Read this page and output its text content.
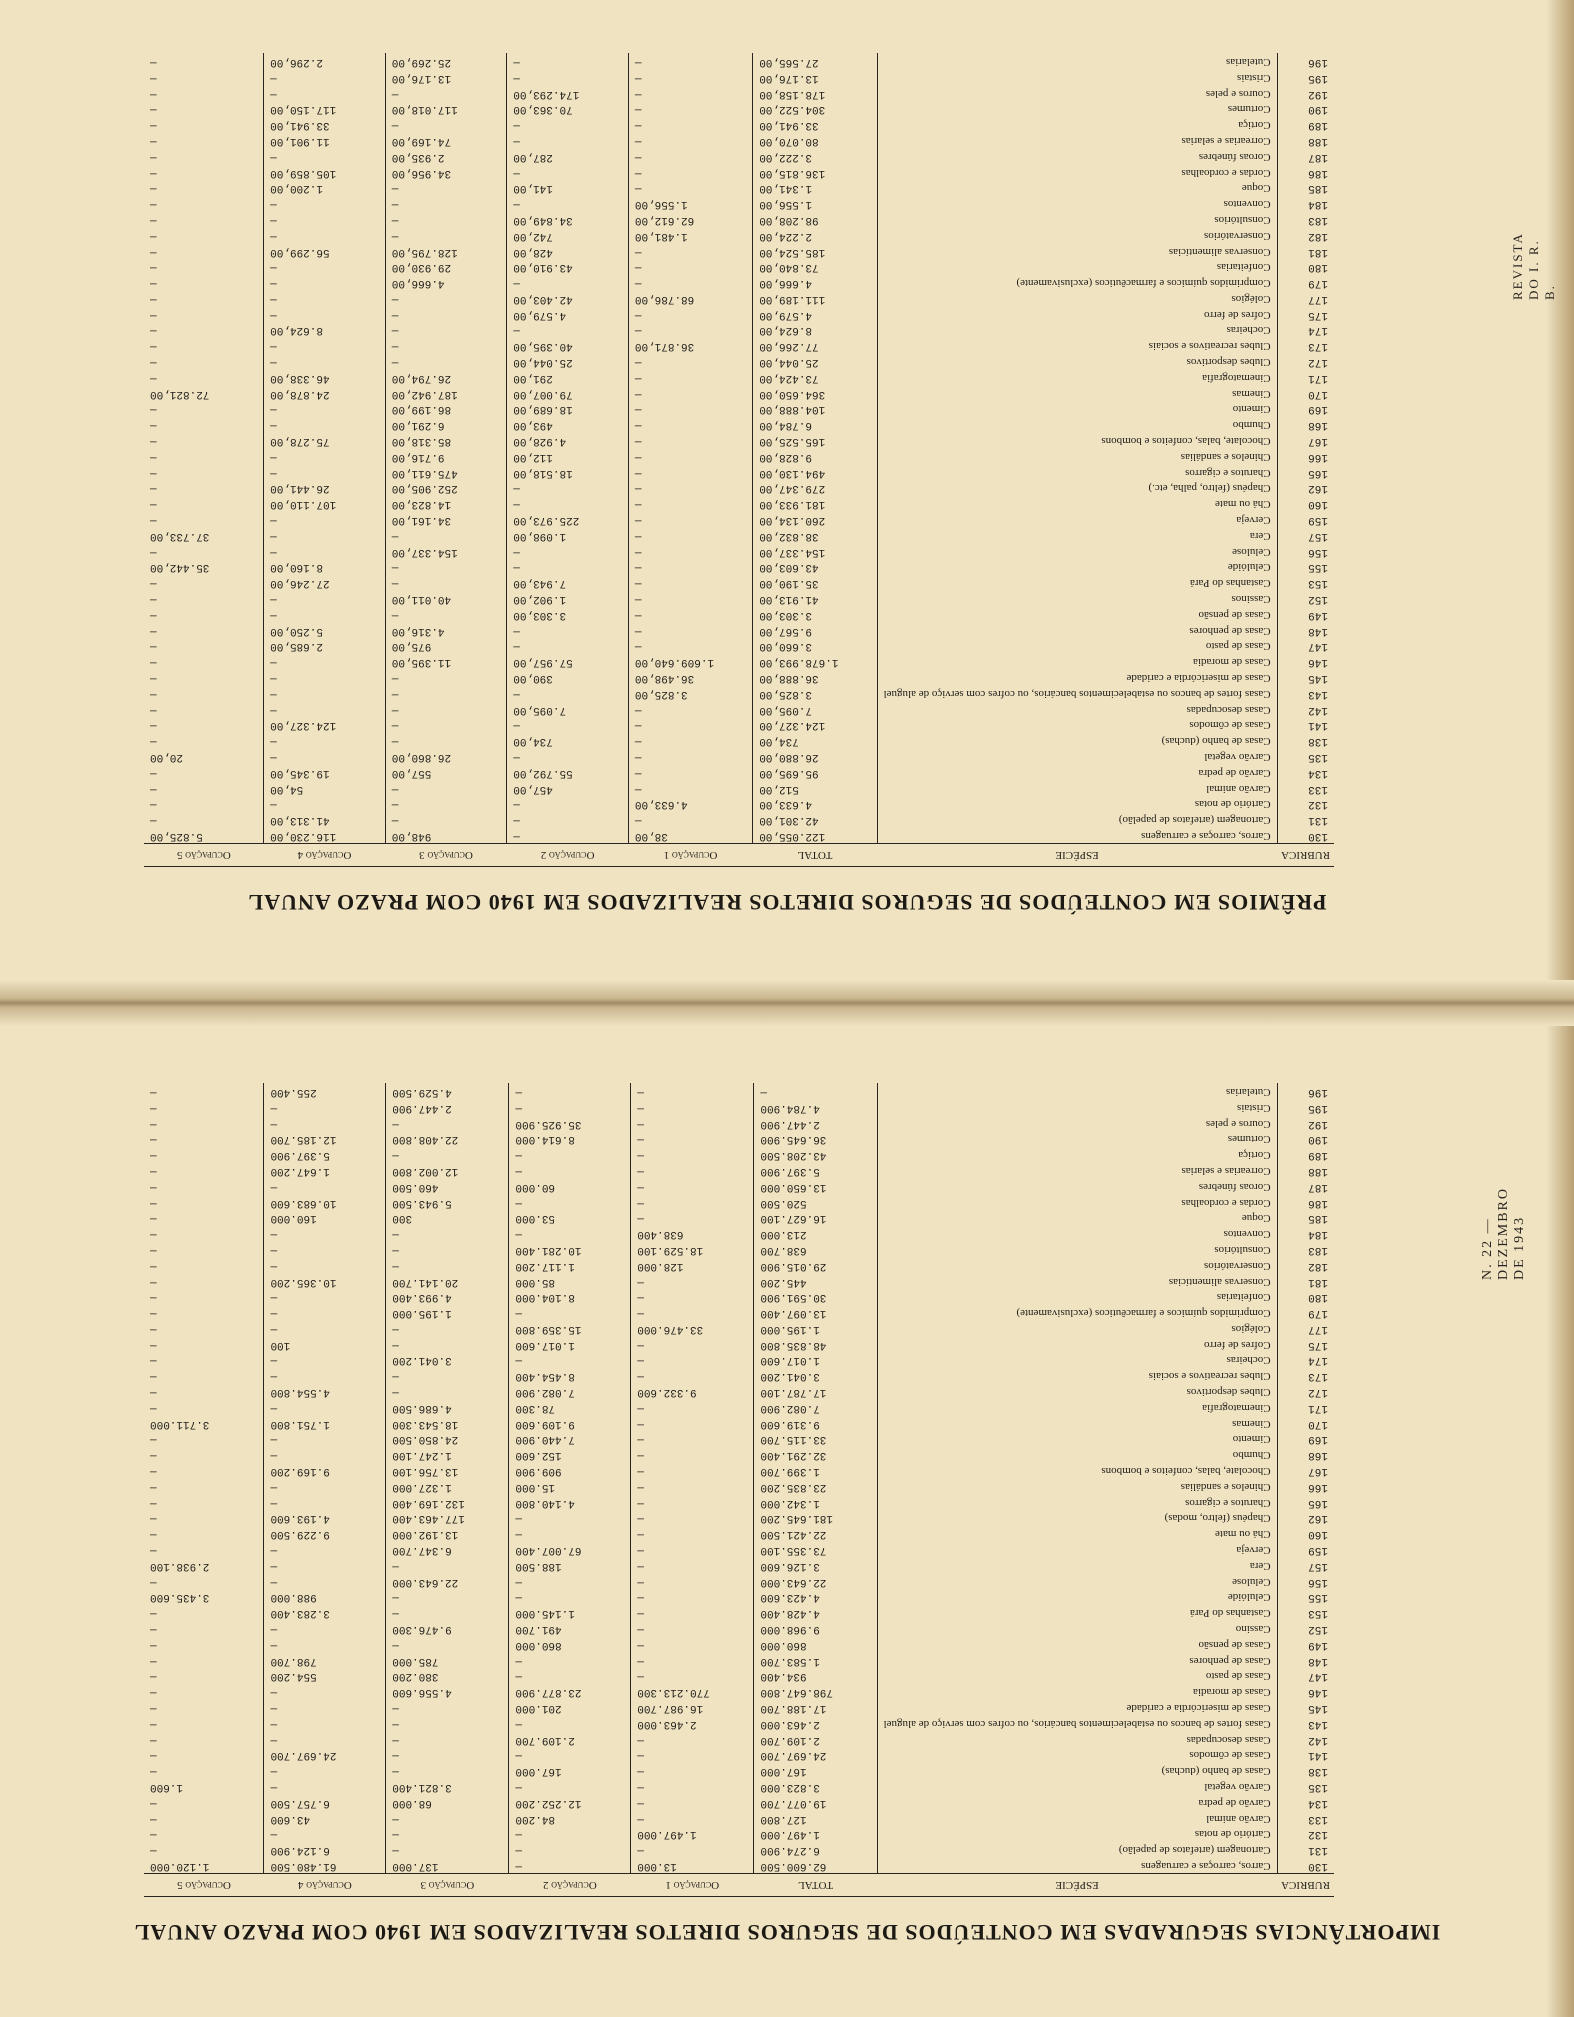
PRÊMIOS EM CONTEÚDOS DE SEGUROS DIRETOS REALIZADOS EM 1940 COM PRAZO ANUAL
RUBRICA	ESPÉCIE	TOTAL	Ocupação 1	Ocupação 2	Ocupação 3	Ocupação 4	Ocupação 5
130	Carros, carroças e carruagens	122.055,00	38,00	—	948,00	116.230,00	5.825,00
131	Cartonagem (artefatos de papelão)	42.301,00	—	—	—	41.313,00	—
132	Cartório de notas	4.633,00	4.633,00	—	—	—	—
133	Carvão animal	512,00	—	457,00	—	54,00	—
134	Carvão de pedra	95.695,00	—	55.792,00	557,00	19.345,00	—
135	Carvão vegetal	26.880,00	—	—	26.860,00	—	20,00
138	Casas de banho (duchas)	734,00	—	734,00	—	—	—
141	Casas de cômodos	124.327,00	—	—	—	124.327,00	—
142	Casas desocupadas	7.095,00	—	7.095,00	—	—	—
143	Casas fortes de bancos ou estabelecimentos bancários, ou cofres com serviço de aluguel	3.825,00	3.825,00	—	—	—	—
145	Casas de misericórdia e caridade	36.888,00	36.498,00	390,00	—	—	—
146	Casas de moradia	1.678.993,00	1.609.640,00	57.957,00	11.395,00	—	—
147	Casas de pasto	3.660,00	—	—	975,00	2.685,00	—
148	Casas de penhores	9.567,00	—	—	4.316,00	5.250,00	—
149	Casas de pensão	3.303,00	—	3.303,00	—	—	—
152	Cassinos	41.913,00	—	1.902,00	40.011,00	—	—
153	Castanhas do Pará	35.190,00	—	7.943,00	—	27.246,00	—
155	Celulóide	43.603,00	—	—	—	8.160,00	35.442,00
156	Celulose	154.337,00	—	—	154.337,00	—	—
157	Cera	38.832,00	—	1.098,00	—	—	37.733,00
159	Cerveja	260.134,00	—	225.973,00	34.161,00	—	—
160	Chá ou mate	181.933,00	—	—	14.823,00	107.110,00	—
162	Chapéus (feltro, palha, etc.)	279.347,00	—	—	252.905,00	26.441,00	—
165	Charutos e cigarros	494.130,00	—	18.518,00	475.611,00	—	—
166	Chinelos e sandálias	9.828,00	—	112,00	9.716,00	—	—
167	Chocolate, balas, confeitos e bombons	165.525,00	—	4.928,00	85.318,00	75.278,00	—
168	Chumbo	6.784,00	—	493,00	6.291,00	—	—
169	Cimento	104.888,00	—	18.689,00	86.199,00	—	—
170	Cinemas	364.650,00	—	79.007,00	187.942,00	24.878,00	72.821,00
171	Cinematografia	73.424,00	—	291,00	26.794,00	46.338,00	—
172	Clubes desportivos	25.044,00	—	25.044,00	—	—	—
173	Clubes recreativos e sociais	77.266,00	36.871,00	40.395,00	—	—	—
174	Cocheiras	8.624,00	—	—	—	8.624,00	—
175	Cofres de ferro	4.579,00	—	4.579,00	—	—	—
177	Colégios	111.189,00	68.786,00	42.403,00	—	—	—
179	Comprimidos químicos e farmacêuticos (exclusivamente)	4.666,00	—	—	4.666,00	—	—
180	Confeitarias	73.840,00	—	43.910,00	29.930,00	—	—
181	Conservas alimentícias	185.524,00	—	428,00	128.795,00	56.299,00	—
182	Conservatórios	2.224,00	1.481,00	742,00	—	—	—
183	Consultórios	98.208,00	62.612,00	34.849,00	—	—	—
184	Conventos	1.556,00	1.556,00	—	—	—	—
185	Coque	1.341,00	—	141,00	—	1.200,00	—
186	Cordas e cordoalhas	136.815,00	—	—	34.956,00	105.859,00	—
187	Coroas fúnebres	3.222,00	—	287,00	2.935,00	—	—
188	Correarias e selarias	80.070,00	—	—	74.169,00	11.901,00	—
189	Cortiça	33.941,00	—	—	—	33.941,00	—
190	Cortumes	304.522,00	—	70.363,00	117.018,00	117.150,00	—
192	Couros e peles	178.158,00	—	174.293,00	—	—	—
195	Cristais	13.176,00	—	—	13.176,00	—	—
196	Cutelarias	27.565,00	—	—	25.269,00	2.296,00	—
IMPORTÂNCIAS SEGURADAS EM CONTEÚDOS DE SEGUROS DIRETOS REALIZADOS EM 1940 COM PRAZO ANUAL
RUBRICA	ESPÉCIE	TOTAL	Ocupação 1	Ocupação 2	Ocupação 3	Ocupação 4	Ocupação 5
130	Carros, carroças e carruagens	62.600.500	13.000	—	137.000	61.480.500	1.120.000
131	Cartonagem (artefatos de papelão)	6.274.900	—	—	—	6.124.900	—
132	Cartório de notas	1.497.000	1.497.000	—	—	—	—
133	Carvão animal	127.800	—	84.200	—	43.600	—
134	Carvão de pedra	19.077.700	—	12.252.200	68.000	6.757.500	—
135	Carvão vegetal	3.823.000	—	—	3.821.400	—	1.600
138	Casas de banho (duchas)	167.000	—	167.000	—	—	—
141	Casas de cômodos	24.697.700	—	—	—	24.697.700	—
142	Casas desocupadas	2.109.700	—	2.109.700	—	—	—
143	Casas fortes de bancos ou estabelecimentos bancários, ou cofres com serviço de aluguel	2.463.000	2.463.000	—	—	—	—
145	Casas de misericórdia e caridade	17.188.700	16.987.700	201.000	—	—	—
146	Casas de moradia	798.647.800	770.213.300	23.877.900	4.556.600	—	—
147	Casas de pasto	934.400	—	—	380.200	554.200	—
148	Casas de penhores	1.583.700	—	—	785.000	798.700	—
149	Casas de pensão	860.000	—	860.000	—	—	—
152	Cassino	9.968.000	—	491.700	9.476.300	—	—
153	Castanhas do Pará	4.428.400	—	1.145.000	—	3.283.400	—
155	Celulóide	4.423.600	—	—	—	988.000	3.435.600
156	Celulose	22.643.000	—	—	22.643.000	—	—
157	Cera	3.126.600	—	188.500	—	—	2.938.100
159	Cerveja	73.355.100	—	67.007.400	6.347.700	—	—
160	Chá ou mate	22.421.500	—	—	13.192.000	9.229.500	—
162	Chapéus (feltro, modas)	181.645.200	—	—	177.463.400	4.193.600	—
165	Charutos e cigarros	1.342.000	—	4.140.800	132.169.400	—	—
166	Chinelos e sandálias	23.835.200	—	15.000	1.327.000	—	—
167	Chocolate, balas, confeitos e bombons	1.399.700	—	909.900	13.756.100	9.169.200	—
168	Chumbo	32.291.400	—	152.600	1.247.100	—	—
169	Cimento	33.115.700	—	7.440.900	24.850.500	—	—
170	Cinemas	9.319.600	—	9.109.600	18.543.300	1.751.800	3.711.000
171	Cinematografia	7.082.900	—	78.300	4.686.500	—	—
172	Clubes desportivos	17.787.100	9.332.600	7.082.900	—	4.554.800	—
173	Clubes recreativos e sociais	3.041.200	—	8.454.400	—	—	—
174	Cocheiras	1.017.600	—	—	3.041.200	—	—
175	Cofres de ferro	48.835.800	—	1.017.600	—	100	—
177	Colégios	1.195.000	33.476.000	15.359.800	—	—	—
179	Comprimidos químicos e farmacêuticos (exclusivamente)	13.097.400	—	—	1.195.000	—	—
180	Confeitarias	30.591.900	—	8.104.000	4.993.400	—	—
181	Conservas alimentícias	445.200	—	85.000	20.141.700	10.365.200	—
182	Conservatórios	29.015.900	128.000	1.117.200	—	—	—
183	Consultórios	638.700	18.529.100	10.281.400	—	—	—
184	Conventos	213.000	638.400	—	—	—	—
185	Coque	16.627.100	—	53.000	300	160.000	—
186	Cordas e cordoalhas	520.500	—	—	5.943.500	10.683.600	—
187	Coroas fúnebres	13.650.000	—	60.000	460.500	—	—
188	Correarias e selarias	5.397.900	—	—	12.002.800	1.647.200	—
189	Cortiça	43.208.500	—	—	—	5.397.900	—
190	Cortumes	36.645.900	—	8.614.000	22.408.800	12.185.700	—
192	Couros e peles	2.447.900	—	35.925.900	—	—	—
195	Cristais	4.784.900	—	—	2.447.900	—	—
196	Cutelarias	—	—	—	4.529.500	255.400	—
REVISTA DO I. R. B.
N. 22 — DEZEMBRO DE 1943
